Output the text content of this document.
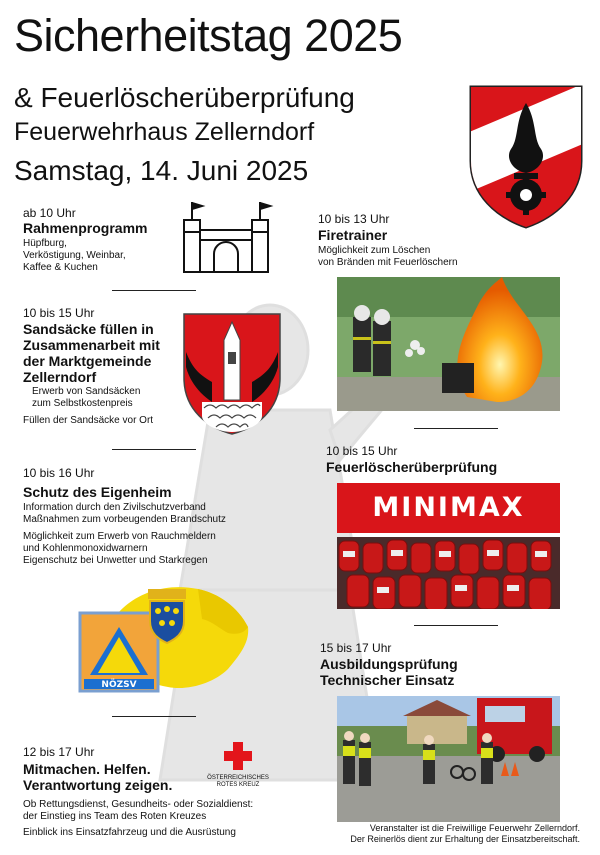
Sicherheitstag 2025
& Feuerlöscherüberprüfung
Feuerwehrhaus Zellerndorf
Samstag, 14. Juni 2025
ab 10 Uhr
Rahmenprogramm
Hüpfburg,
Verköstigung, Weinbar,
Kaffee & Kuchen
10 bis 13 Uhr
Firetrainer
Möglichkeit zum Löschen
von Bränden mit Feuerlöschern
10 bis 15 Uhr
Sandsäcke füllen in
Zusammenarbeit mit
der Marktgemeinde
Zellerndorf
Erwerb von Sandsäcken
zum Selbstkostenpreis
Füllen der Sandsäcke vor Ort
10 bis 15 Uhr
Feuerlöscherüberprüfung
MINIMAX
10 bis 16 Uhr
Schutz des Eigenheim
Information durch den Zivilschutzverband
Maßnahmen zum vorbeugenden Brandschutz
Möglichkeit zum Erwerb von Rauchmeldern
und Kohlenmonoxidwarnern
Eigenschutz bei Unwetter und Starkregen
NÖZSV
15 bis 17 Uhr
Ausbildungsprüfung
Technischer Einsatz
12 bis 17 Uhr
Mitmachen. Helfen.
Verantwortung zeigen.	ÖSTERREICHISCHES
ROTES KREUZ
Ob Rettungsdienst, Gesundheits- oder Sozialdienst:
der Einstieg ins Team des Roten Kreuzes
Einblick ins Einsatzfahrzeug und die Ausrüstung	Veranstalter ist die Freiwillige Feuerwehr Zellerndorf.
Der Reinerlös dient zur Erhaltung der Einsatzbereitschaft.
